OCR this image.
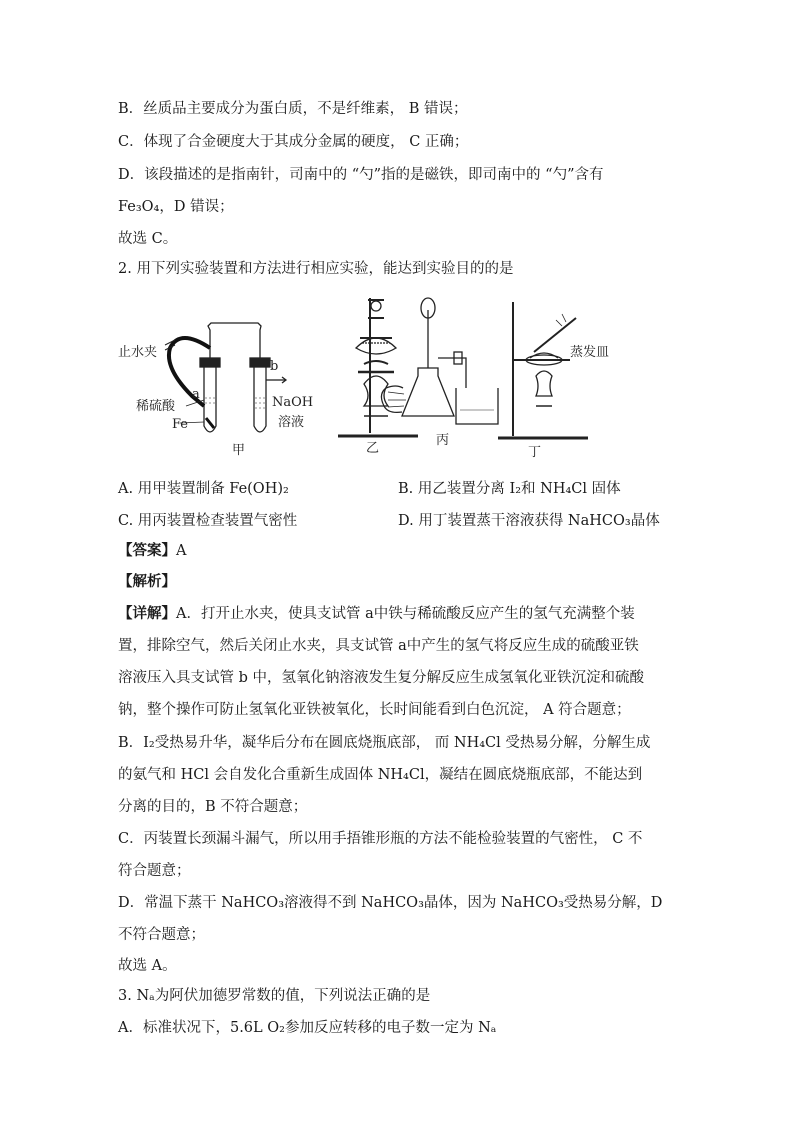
B．丝质品主要成分为蛋白质，不是纤维素， B 错误；
C．体现了合金硬度大于其成分金属的硬度， C 正确；
D．该段描述的是指南针，司南中的 “勺”指的是磁铁，即司南中的 “勺”含有
Fe₃O₄，D 错误；
故选 C。
2. 用下列实验装置和方法进行相应实验，能达到实验目的的是
止水夹
稀硫酸
Fe
a
b
NaOH
溶液
蒸发皿
甲	乙
丙
丁
A. 用甲装置制备 Fe(OH)₂	B. 用乙装置分离 I₂和 NH₄Cl 固体
C. 用丙装置检查装置气密性	D. 用丁装置蒸干溶液获得 NaHCO₃晶体
【答案】A
【解析】
【详解】A．打开止水夹，使具支试管 a中铁与稀硫酸反应产生的氢气充满整个装
置，排除空气，然后关闭止水夹，具支试管 a中产生的氢气将反应生成的硫酸亚铁
溶液压入具支试管 b 中，氢氧化钠溶液发生复分解反应生成氢氧化亚铁沉淀和硫酸
钠，整个操作可防止氢氧化亚铁被氧化，长时间能看到白色沉淀， A 符合题意；
B．I₂受热易升华，凝华后分布在圆底烧瓶底部， 而 NH₄Cl 受热易分解，分解生成
的氨气和 HCl 会自发化合重新生成固体 NH₄Cl，凝结在圆底烧瓶底部，不能达到
分离的目的，B 不符合题意；
C．丙装置长颈漏斗漏气，所以用手捂锥形瓶的方法不能检验装置的气密性， C 不
符合题意；
D．常温下蒸干 NaHCO₃溶液得不到 NaHCO₃晶体，因为 NaHCO₃受热易分解，D
不符合题意；
故选 A。
3. Nₐ为阿伏加德罗常数的值，下列说法正确的是
A．标准状况下，5.6L O₂参加反应转移的电子数一定为 Nₐ
